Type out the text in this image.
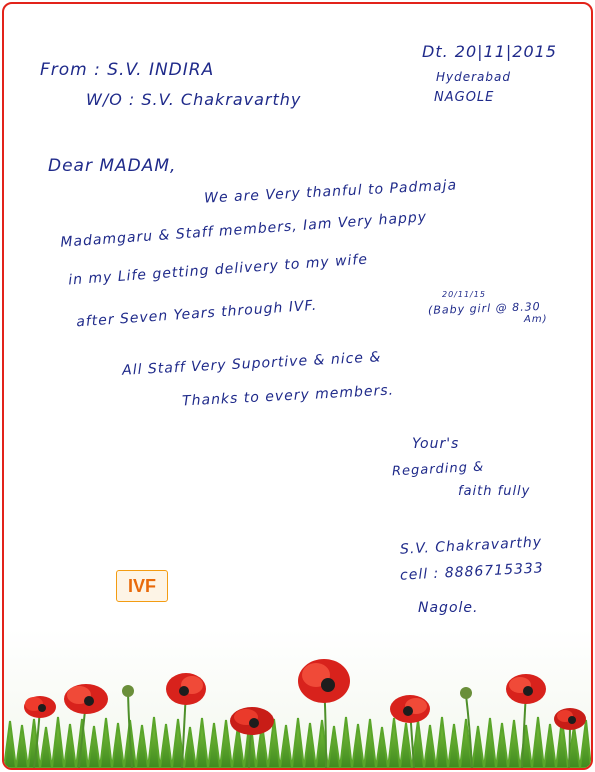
From : S.V. INDIRA
W/O : S.V. Chakravarthy
Dt. 20|11|2015
Hyderabad
NAGOLE
Dear MADAM,
We are Very thanful to Padmaja
Madamgaru & Staff members, Iam Very happy
in my Life getting delivery to my wife
after Seven Years through IVF.
20/11/15
(Baby girl @ 8.30
Am)
All Staff Very Suportive & nice &
Thanks to every members.
Your's
Regarding &
faith fully
S.V. Chakravarthy
cell : 8886715333
Nagole.
IVF
